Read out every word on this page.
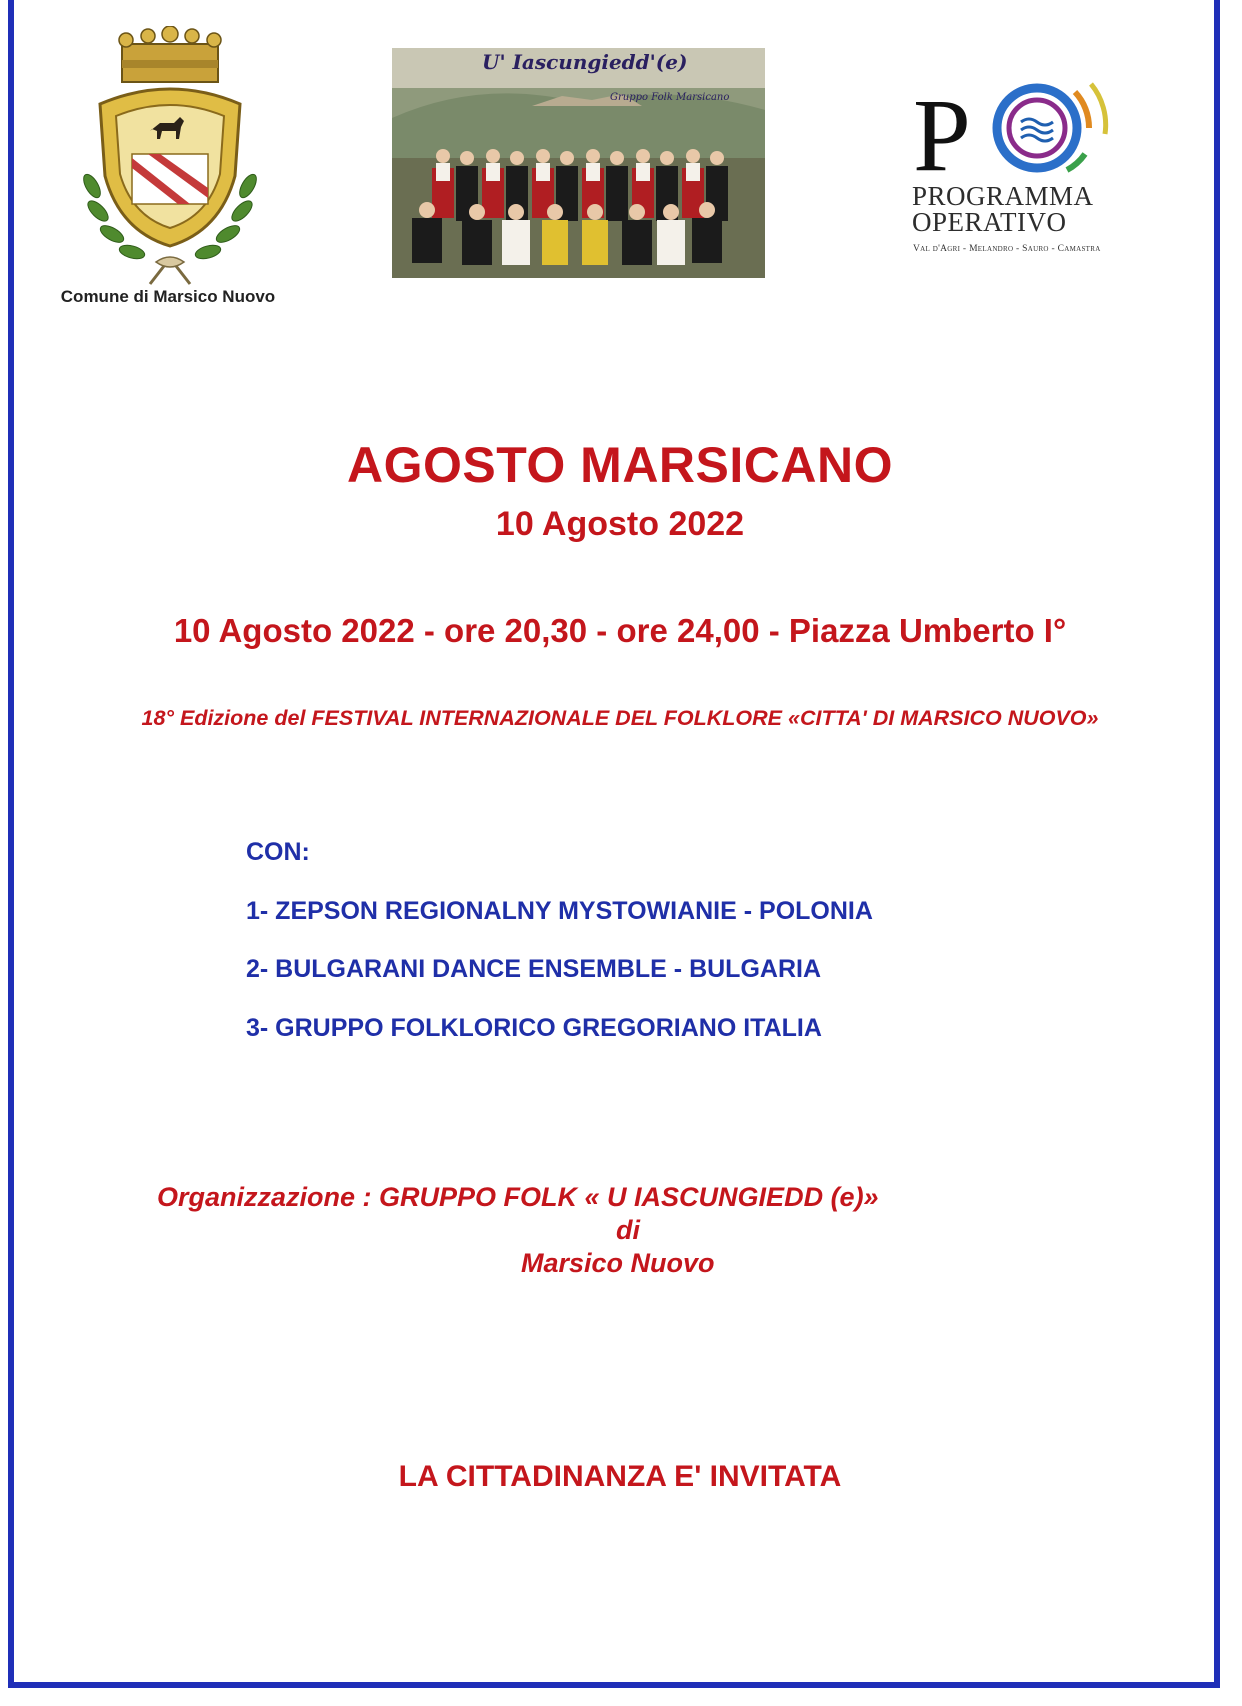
Comune di Marsico Nuovo
U' Iascungiedd'(e)
Gruppo Folk Marsicano P
PROGRAMMA
OPERATIVO
Val d'Agri - Melandro - Sauro - Camastra
AGOSTO MARSICANO
10 Agosto 2022
10 Agosto 2022 - ore 20,30 - ore 24,00 - Piazza Umberto I°
18° Edizione del FESTIVAL INTERNAZIONALE DEL FOLKLORE «CITTA' DI MARSICO NUOVO»
CON:
1- ZEPSON REGIONALNY MYSTOWIANIE - POLONIA
2- BULGARANI DANCE ENSEMBLE - BULGARIA
3- GRUPPO FOLKLORICO GREGORIANO ITALIA
Organizzazione : GRUPPO FOLK « U IASCUNGIEDD (e)»
di
Marsico Nuovo
LA CITTADINANZA E' INVITATA
